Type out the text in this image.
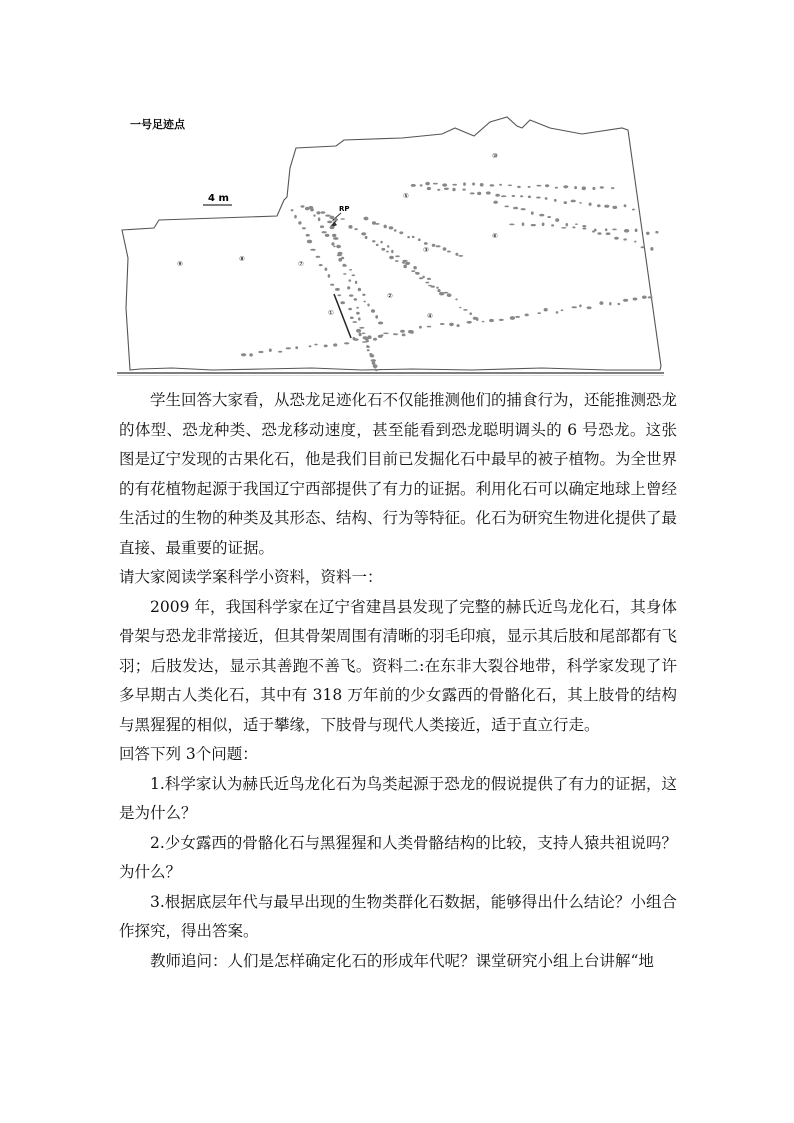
一号足迹点
4 m
RP
①
②
③
④
⑤
⑥
⑦
⑧
⑨
⑩

学生回答大家看，从恐龙足迹化石不仅能推测他们的捕食行为，还能推测恐龙的体型、恐龙种类、恐龙移动速度，甚至能看到恐龙聪明调头的 6 号恐龙。这张图是辽宁发现的古果化石，他是我们目前已发掘化石中最早的被子植物。为全世界的有花植物起源于我国辽宁西部提供了有力的证据。利用化石可以确定地球上曾经生活过的生物的种类及其形态、结构、行为等特征。化石为研究生物进化提供了最直接、最重要的证据。

请大家阅读学案科学小资料，资料一：

2009 年，我国科学家在辽宁省建昌县发现了完整的赫氏近鸟龙化石，其身体骨架与恐龙非常接近，但其骨架周围有清晰的羽毛印痕，显示其后肢和尾部都有飞羽；后肢发达，显示其善跑不善飞。资料二:在东非大裂谷地带，科学家发现了许多早期古人类化石，其中有 318 万年前的少女露西的骨骼化石，其上肢骨的结构与黑猩猩的相似，适于攀缘，下肢骨与现代人类接近，适于直立行走。

回答下列 3个问题：

1.科学家认为赫氏近鸟龙化石为鸟类起源于恐龙的假说提供了有力的证据，这是为什么？

2.少女露西的骨骼化石与黑猩猩和人类骨骼结构的比较，支持人猿共祖说吗？为什么？

3.根据底层年代与最早出现的生物类群化石数据，能够得出什么结论？小组合作探究，得出答案。

教师追问：人们是怎样确定化石的形成年代呢？课堂研究小组上台讲解“地
